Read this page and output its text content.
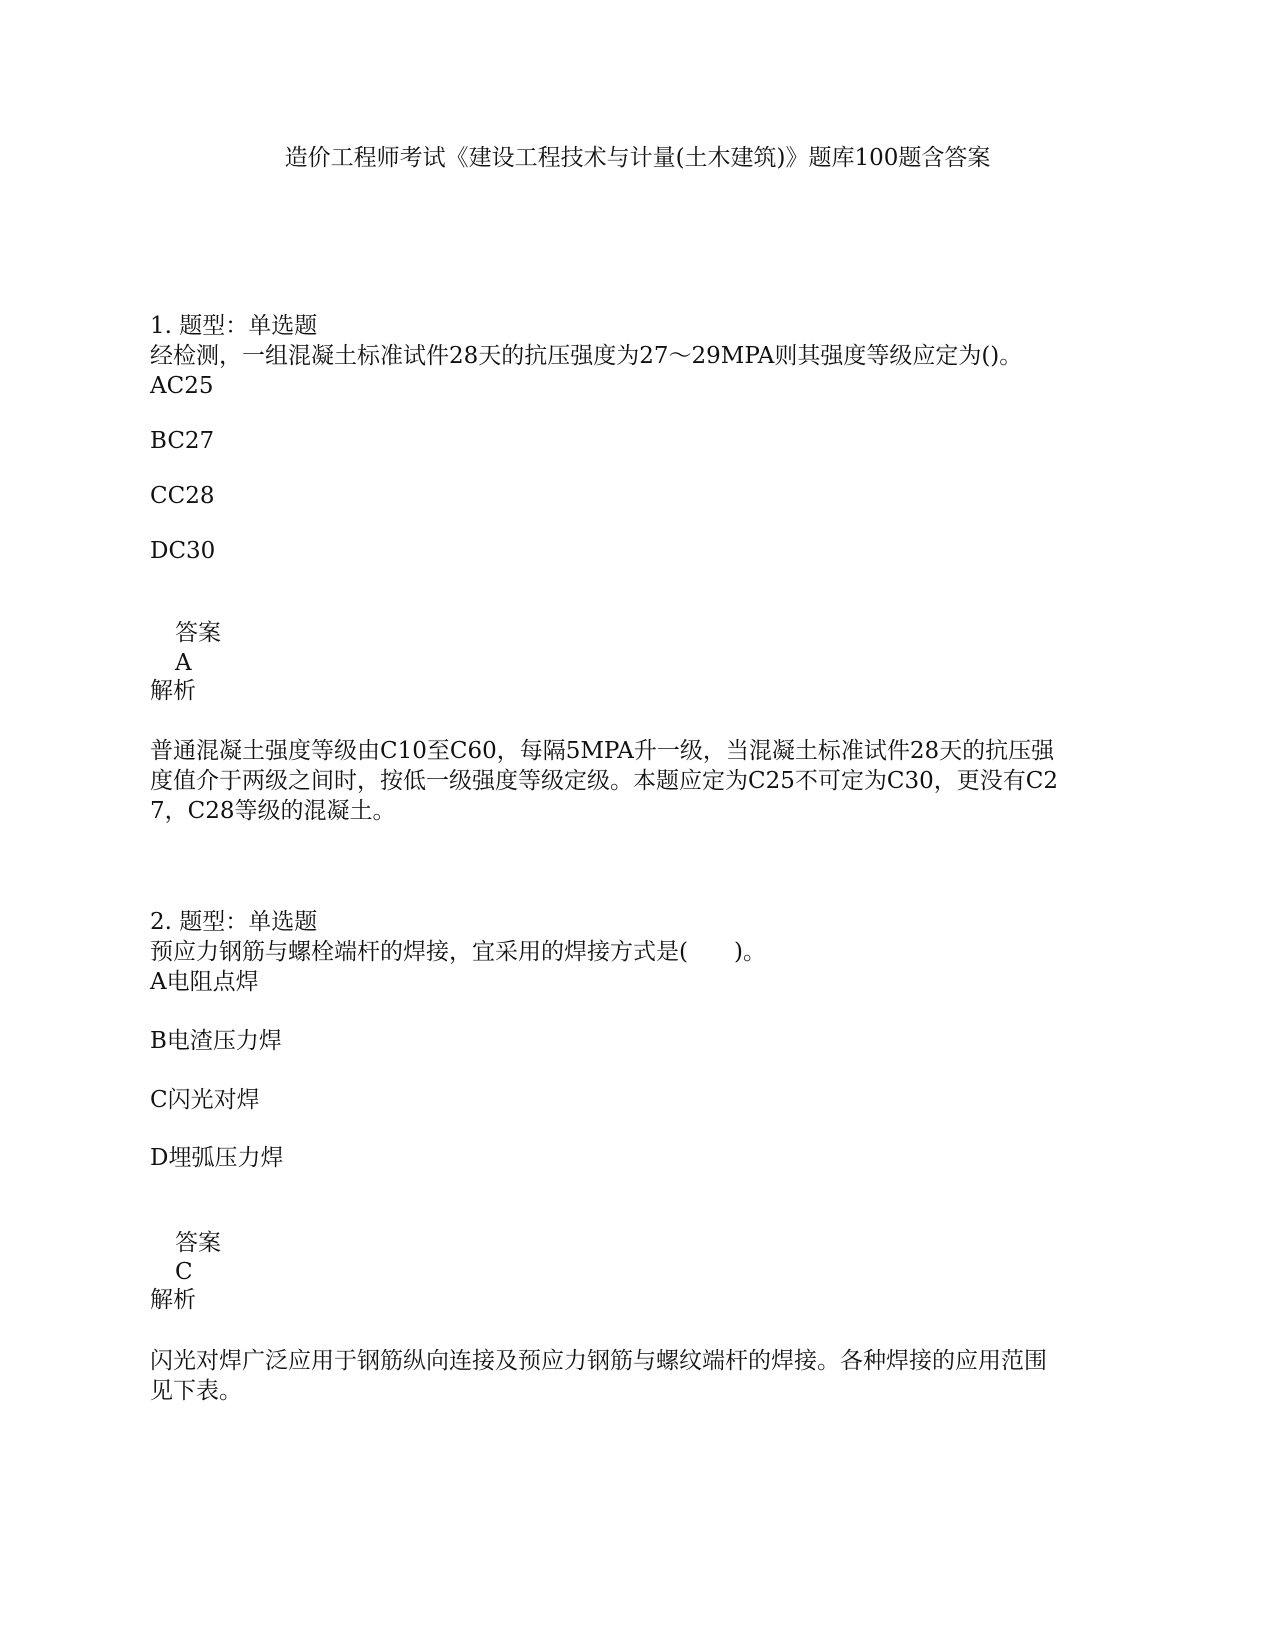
造价工程师考试《建设工程技术与计量(土木建筑)》题库100题含答案
1. 题型：单选题
经检测，一组混凝土标准试件28天的抗压强度为27～29MPA则其强度等级应定为()。
AC25
BC27
CC28
DC30
答案
A
解析
普通混凝土强度等级由C10至C60，每隔5MPA升一级，当混凝土标准试件28天的抗压强
度值介于两级之间时，按低一级强度等级定级。本题应定为C25不可定为C30，更没有C2
7，C28等级的混凝土。
2. 题型：单选题
预应力钢筋与螺栓端杆的焊接，宜采用的焊接方式是(　　)。
A电阻点焊
B电渣压力焊
C闪光对焊
D埋弧压力焊
答案
C
解析
闪光对焊广泛应用于钢筋纵向连接及预应力钢筋与螺纹端杆的焊接。各种焊接的应用范围
见下表。
